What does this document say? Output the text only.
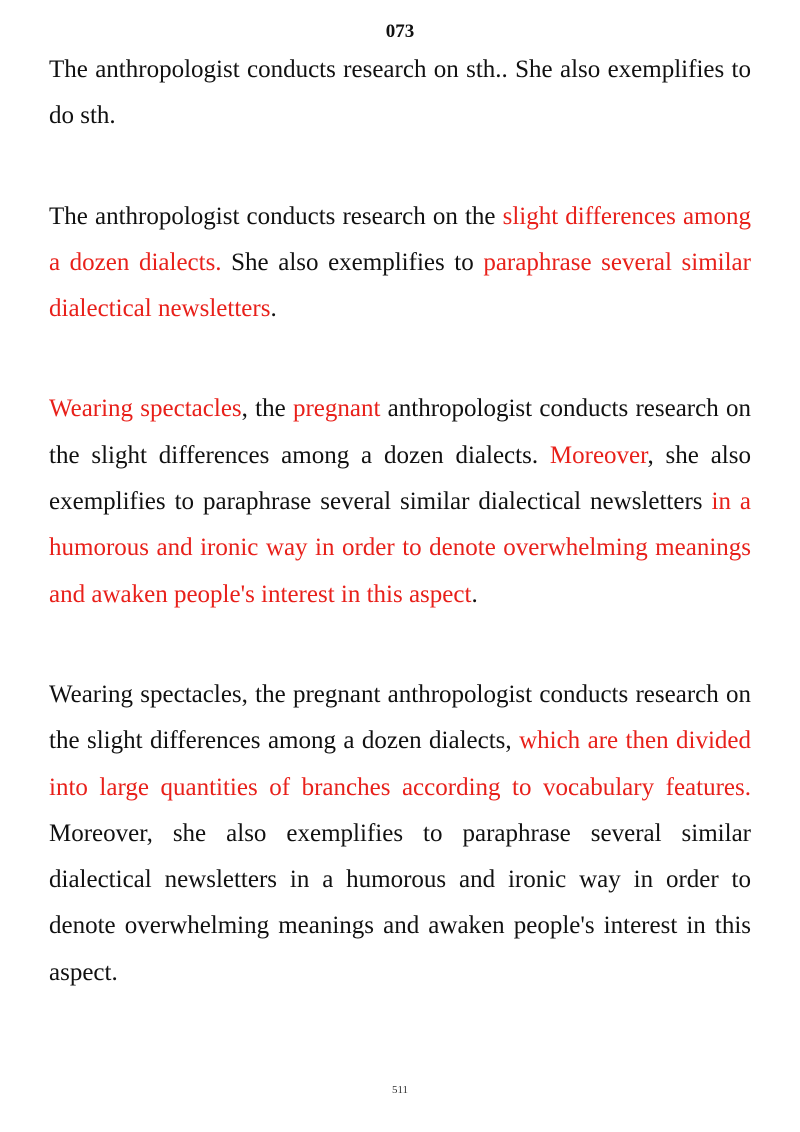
073

The anthropologist conducts research on sth.. She also exemplifies to do sth.

The anthropologist conducts research on the slight differences among a dozen dialects. She also exemplifies to paraphrase several similar dialectical newsletters.

Wearing spectacles, the pregnant anthropologist conducts research on the slight differences among a dozen dialects. Moreover, she also exemplifies to paraphrase several similar dialectical newsletters in a humorous and ironic way in order to denote overwhelming meanings and awaken people's interest in this aspect.

Wearing spectacles, the pregnant anthropologist conducts research on the slight differences among a dozen dialects, which are then divided into large quantities of branches according to vocabulary features. Moreover, she also exemplifies to paraphrase several similar dialectical newsletters in a humorous and ironic way in order to denote overwhelming meanings and awaken people's interest in this aspect.

511
